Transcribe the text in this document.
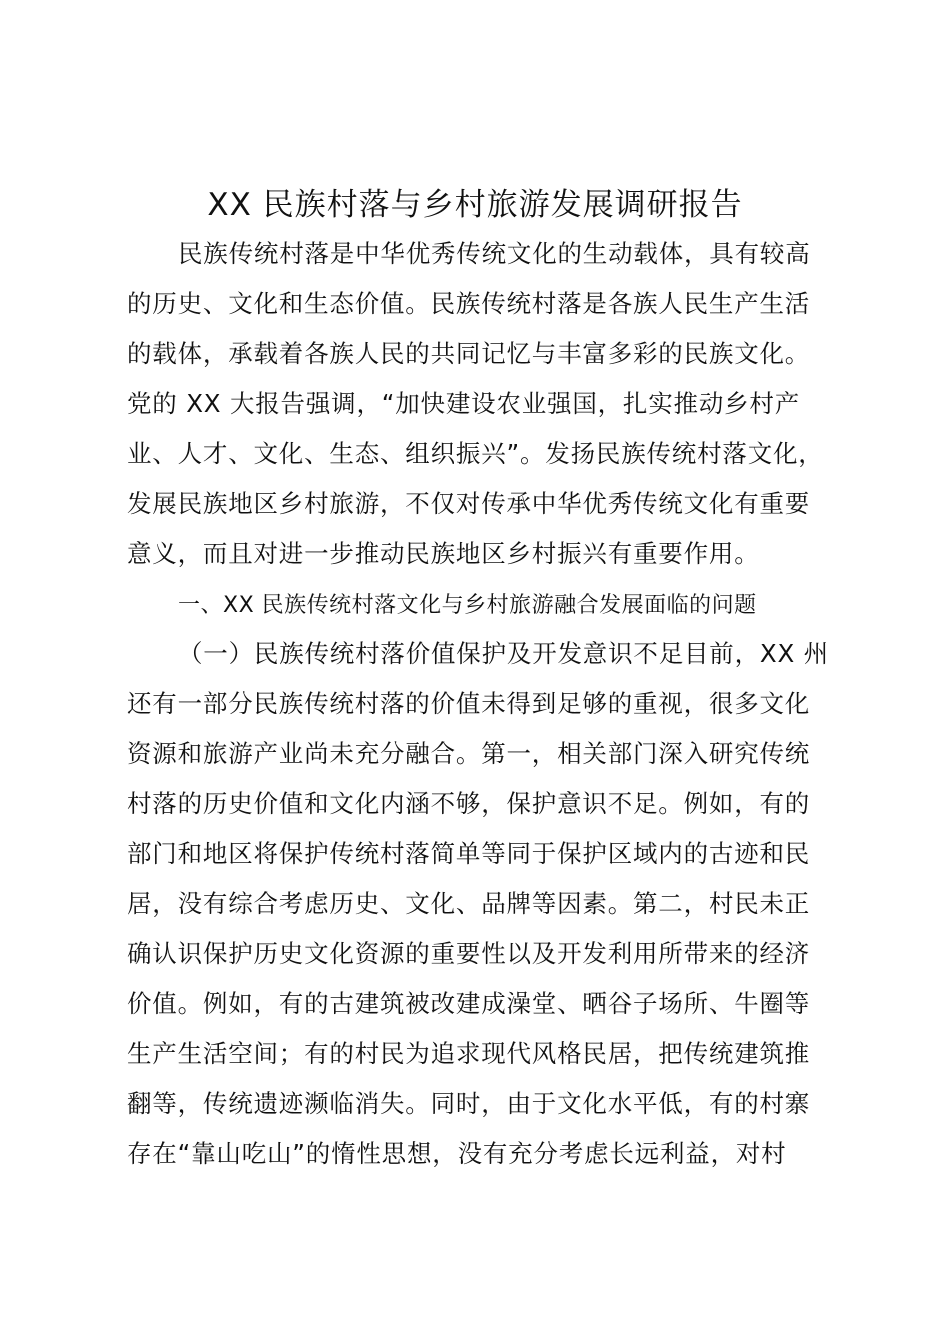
XX 民族村落与乡村旅游发展调研报告
民族传统村落是中华优秀传统文化的生动载体，具有较高
的历史、文化和生态价值。民族传统村落是各族人民生产生活
的载体，承载着各族人民的共同记忆与丰富多彩的民族文化。
党的 XX 大报告强调，“加快建设农业强国，扎实推动乡村产
业、人才、文化、生态、组织振兴”。发扬民族传统村落文化，
发展民族地区乡村旅游，不仅对传承中华优秀传统文化有重要
意义，而且对进一步推动民族地区乡村振兴有重要作用。
一、XX 民族传统村落文化与乡村旅游融合发展面临的问题
（一）民族传统村落价值保护及开发意识不足目前，XX 州
还有一部分民族传统村落的价值未得到足够的重视，很多文化
资源和旅游产业尚未充分融合。第一，相关部门深入研究传统
村落的历史价值和文化内涵不够，保护意识不足。例如，有的
部门和地区将保护传统村落简单等同于保护区域内的古迹和民
居，没有综合考虑历史、文化、品牌等因素。第二，村民未正
确认识保护历史文化资源的重要性以及开发利用所带来的经济
价值。例如，有的古建筑被改建成澡堂、晒谷子场所、牛圈等
生产生活空间；有的村民为追求现代风格民居，把传统建筑推
翻等，传统遗迹濒临消失。同时，由于文化水平低，有的村寨
存在“靠山吃山”的惰性思想，没有充分考虑长远利益，对村
